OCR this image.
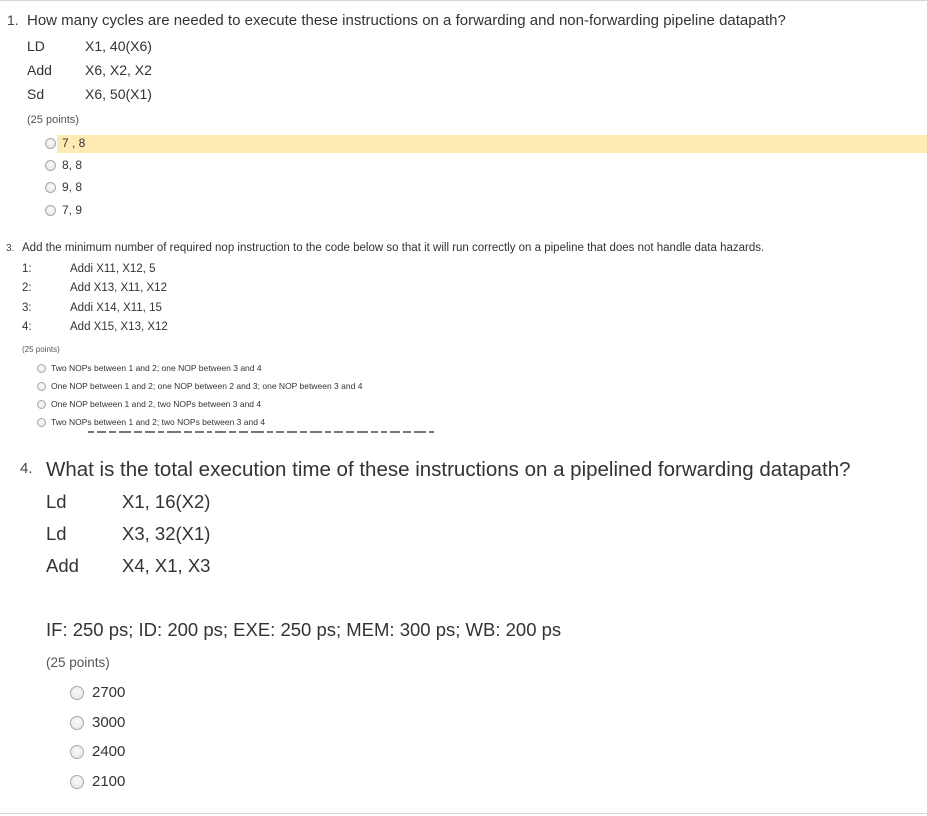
1. How many cycles are needed to execute these instructions on a forwarding and non-forwarding pipeline datapath?
LD	X1, 40(X6)
Add X6, X2, X2
Sd	X6, 50(X1)
(25 points)
7 , 8
8, 8
9, 8
7, 9
3. Add the minimum number of required nop instruction to the code below so that it will run correctly on a pipeline that does not handle data hazards.
1:	Addi X11, X12, 5
2:	Add X13, X11, X12
3:	Addi X14, X11, 15
4:	Add X15, X13, X12
(25 points)
Two NOPs between 1 and 2; one NOP between 3 and 4
One NOP between 1 and 2; one NOP between 2 and 3; one NOP between 3 and 4
One NOP between 1 and 2, two NOPs between 3 and 4
Two NOPs between 1 and 2; two NOPs between 3 and 4
4. What is the total execution time of these instructions on a pipelined forwarding datapath?
Ld	X1, 16(X2)
Ld	X3, 32(X1)
Add X4, X1, X3
IF: 250 ps; ID: 200 ps; EXE: 250 ps; MEM: 300 ps; WB: 200 ps
(25 points)
2700
3000
2400
2100
